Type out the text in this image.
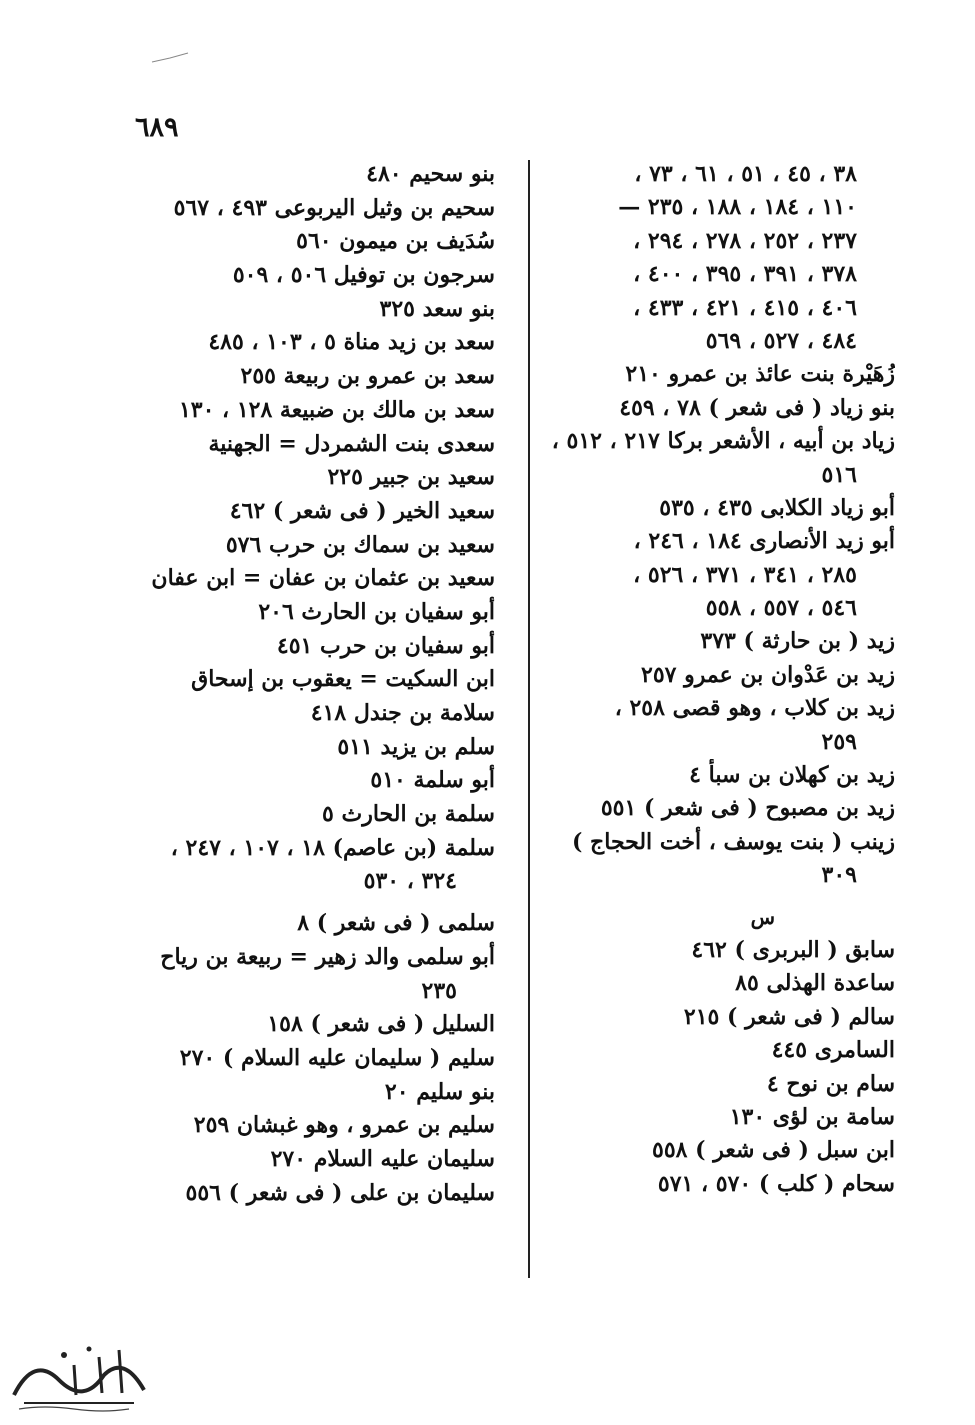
٦٨٩
٣٨ ، ٤٥ ، ٥١ ، ٦١ ، ٧٣ ،
١١٠ ، ١٨٤ ، ١٨٨ ، ٢٣٥ —
٢٣٧ ، ٢٥٢ ، ٢٧٨ ، ٢٩٤ ،
٣٧٨ ، ٣٩١ ، ٣٩٥ ، ٤٠٠ ،
٤٠٦ ، ٤١٥ ، ٤٢١ ، ٤٣٣ ،
٤٨٤ ، ٥٢٧ ، ٥٦٩
زُهَيْرة بنت عائذ بن عمرو ٢١٠
بنو زياد ( فى شعر ) ٧٨ ، ٤٥٩
زياد بن أبيه ، الأشعر بركا ٢١٧ ، ٥١٢ ،
٥١٦
أبو زياد الكلابى ٤٣٥ ، ٥٣٥
أبو زيد الأنصارى ١٨٤ ، ٢٤٦ ،
٢٨٥ ، ٣٤١ ، ٣٧١ ، ٥٢٦ ،
٥٤٦ ، ٥٥٧ ، ٥٥٨
زيد ( بن حارثة ) ٣٧٣
زيد بن عَدْوان بن عمرو ٢٥٧
زيد بن كلاب ، وهو قصى ٢٥٨ ،
٢٥٩
زيد بن كهلان بن سبأ ٤
زيد بن مصبوح ( فى شعر ) ٥٥١
زينب ( بنت يوسف ، أخت الحجاج )
٣٠٩
س
سابق ( البربرى ) ٤٦٢
ساعدة الهذلى ٨٥
سالم ( فى شعر ) ٢١٥
السامرى ٤٤٥
سام بن نوح ٤
سامة بن لؤى ١٣٠
ابن سبل ( فى شعر ) ٥٥٨
سحام ( كلب ) ٥٧٠ ، ٥٧١
بنو سحيم ٤٨٠
سحيم بن وثيل اليربوعى ٤٩٣ ، ٥٦٧
سُدَيف بن ميمون ٥٦٠
سرجون بن توفيل ٥٠٦ ، ٥٠٩
بنو سعد ٣٢٥
سعد بن زيد مناة ٥ ، ١٠٣ ، ٤٨٥
سعد بن عمرو بن ربيعة ٢٥٥
سعد بن مالك بن ضبيعة ١٢٨ ، ١٣٠
سعدى بنت الشمردل = الجهنية
سعيد بن جبير ٢٢٥
سعيد الخير ( فى شعر ) ٤٦٢
سعيد بن سماك بن حرب ٥٧٦
سعيد بن عثمان بن عفان = ابن عفان
أبو سفيان بن الحارث ٢٠٦
أبو سفيان بن حرب ٤٥١
ابن السكيت = يعقوب بن إسحاق
سلامة بن جندل ٤١٨
سلم بن يزيد ٥١١
أبو سلمة ٥١٠
سلمة بن الحارث ٥
سلمة (بن عاصم) ١٨ ، ١٠٧ ، ٢٤٧ ،
٣٢٤ ، ٥٣٠
سلمى ( فى شعر ) ٨
أبو سلمى والد زهير = ربيعة بن رياح
٢٣٥
السليل ( فى شعر ) ١٥٨
سليم ( سليمان عليه السلام ) ٢٧٠
بنو سليم ٢٠
سليم بن عمرو ، وهو غبشان ٢٥٩
سليمان عليه السلام ٢٧٠
سليمان بن على ( فى شعر ) ٥٥٦
